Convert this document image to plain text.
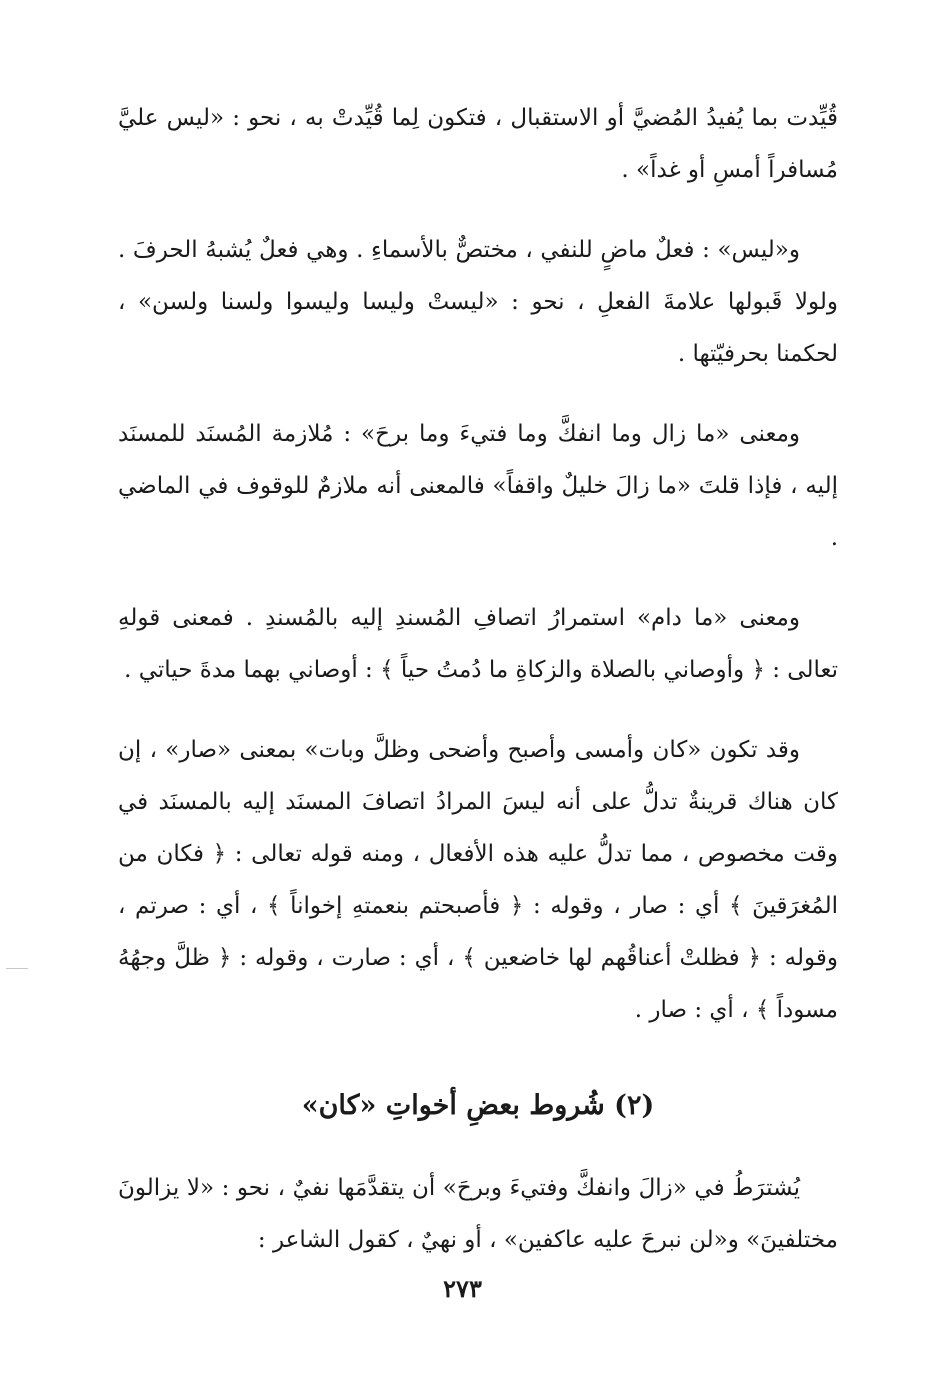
قُيِّدت بما يُفيدُ المُضيَّ أو الاستقبال ، فتكون لِما قُيِّدتْ به ، نحو : «ليس عليَّ مُسافراً أمسِ أو غداً» .

و«ليس» : فعلٌ ماضٍ للنفي ، مختصٌّ بالأسماءِ . وهي فعلٌ يُشبهُ الحرفَ . ولولا قَبولها علامةَ الفعلِ ، نحو : «ليستْ وليسا وليسوا ولسنا ولسن» ، لحكمنا بحرفيّتها .

ومعنى «ما زال وما انفكَّ وما فتيءَ وما برحَ» : مُلازمة المُسنَد للمسنَد إليه ، فإذا قلتَ «ما زالَ خليلٌ واقفاً» فالمعنى أنه ملازمٌ للوقوف في الماضي .

ومعنى «ما دام» استمرارُ اتصافِ المُسندِ إليه بالمُسندِ . فمعنى قولهِ تعالى : ﴿ وأوصاني بالصلاة والزكاةِ ما دُمتُ حياً ﴾ : أوصاني بهما مدةَ حياتي .

وقد تكون «كان وأمسى وأصبح وأضحى وظلَّ وبات» بمعنى «صار» ، إن كان هناك قرينةٌ تدلُّ على أنه ليسَ المرادُ اتصافَ المسنَد إليه بالمسنَد في وقت مخصوص ، مما تدلُّ عليه هذه الأفعال ، ومنه قوله تعالى : ﴿ فكان من المُغرَقينَ ﴾ أي : صار ، وقوله : ﴿ فأصبحتم بنعمتهِ إخواناً ﴾ ، أي : صرتم ، وقوله : ﴿ فظلتْ أعناقُهم لها خاضعين ﴾ ، أي : صارت ، وقوله : ﴿ ظلَّ وجهُهُ مسوداً ﴾ ، أي : صار .

(٢) شُروط بعضِ أخواتِ «كان»

يُشترَطُ في «زالَ وانفكَّ وفتيءَ وبرحَ» أن يتقدَّمَها نفيٌ ، نحو : «لا يزالونَ مختلفينَ» و«لن نبرحَ عليه عاكفين» ، أو نهيٌ ، كقول الشاعر :

٢٧٣
